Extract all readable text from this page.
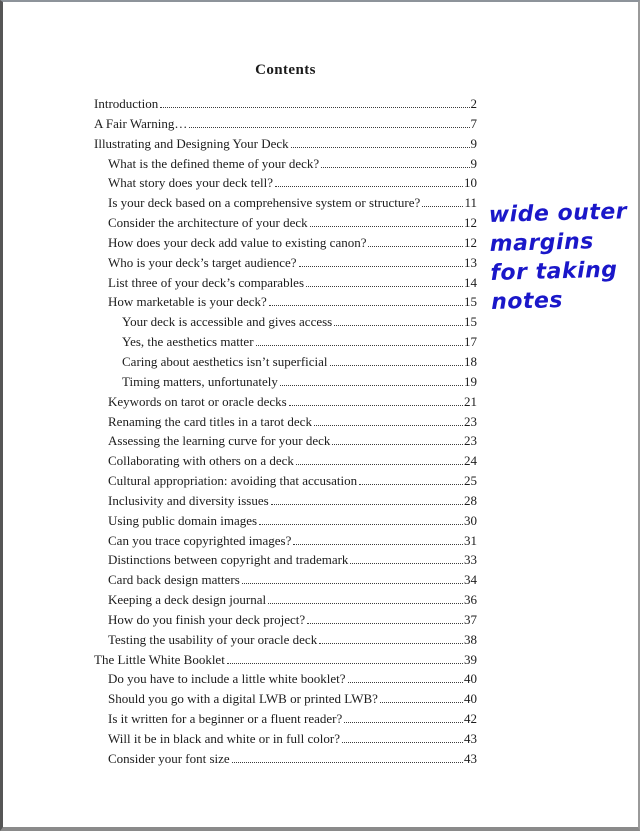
Contents
Introduction	2
A Fair Warning…	7
Illustrating and Designing Your Deck	9
What is the defined theme of your deck?	9
What story does your deck tell?	10
Is your deck based on a comprehensive system or structure?	11
Consider the architecture of your deck	12
How does your deck add value to existing canon?	12
Who is your deck’s target audience?	13
List three of your deck’s comparables	14
How marketable is your deck?	15
Your deck is accessible and gives access	15
Yes, the aesthetics matter	17
Caring about aesthetics isn’t superficial	18
Timing matters, unfortunately	19
Keywords on tarot or oracle decks	21
Renaming the card titles in a tarot deck	23
Assessing the learning curve for your deck	23
Collaborating with others on a deck	24
Cultural appropriation: avoiding that accusation	25
Inclusivity and diversity issues	28
Using public domain images	30
Can you trace copyrighted images?	31
Distinctions between copyright and trademark	33
Card back design matters	34
Keeping a deck design journal	36
How do you finish your deck project?	37
Testing the usability of your oracle deck	38
The Little White Booklet	39
Do you have to include a little white booklet?	40
Should you go with a digital LWB or printed LWB?	40
Is it written for a beginner or a fluent reader?	42
Will it be in black and white or in full color?	43
Consider your font size	43
wide outer
margins
for taking
notes
